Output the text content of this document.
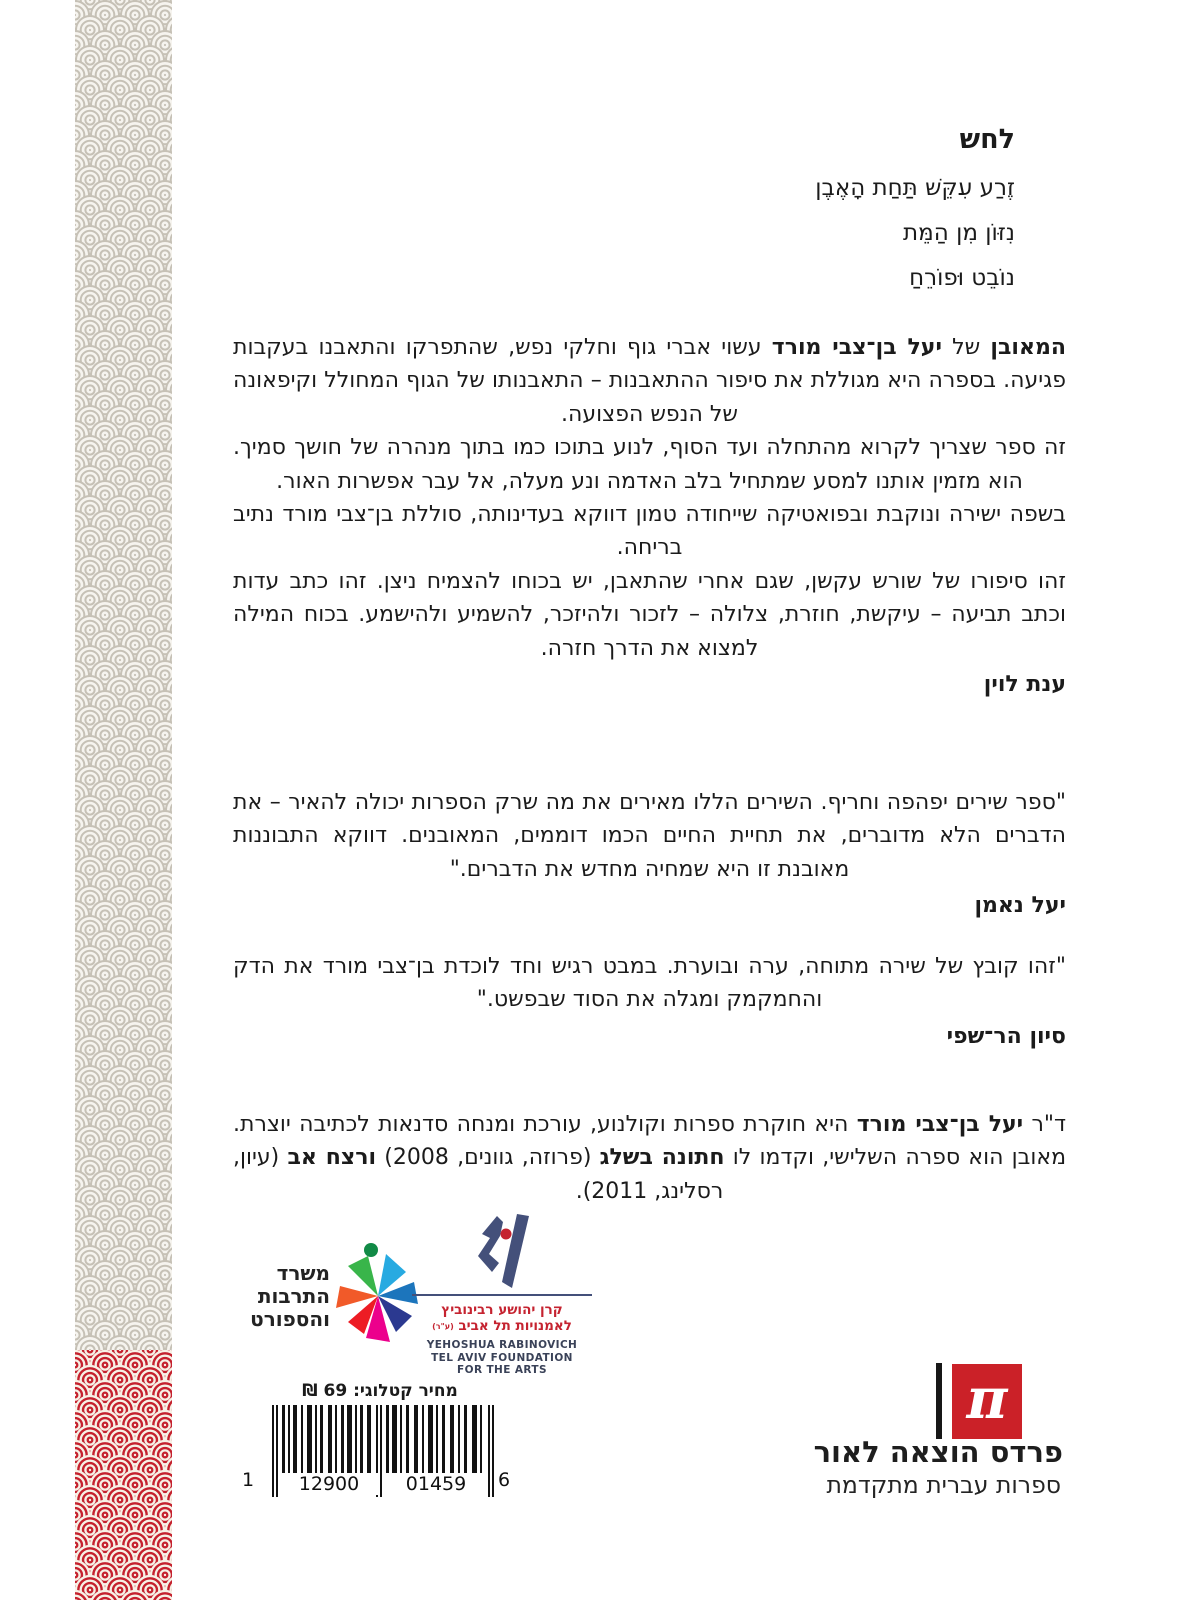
לחש
זֶרַע עִקֵּשׁ תַּחַת הָאֶבֶן
נִזּוֹן מִן הַמֵּת
נוֹבֵט וּפוֹרֵחַ

המאובן של יעל בן־צבי מורד עשוי אברי גוף וחלקי נפש, שהתפרקו והתאבנו בעקבות פגיעה. בספרה היא מגוללת את סיפור ההתאבנות – התאבנותו של הגוף המחולל וקיפאונה של הנפש הפצועה.

זה ספר שצריך לקרוא מהתחלה ועד הסוף, לנוע בתוכו כמו בתוך מנהרה של חושך סמיך. הוא מזמין אותנו למסע שמתחיל בלב האדמה ונע מעלה, אל עבר אפשרות האור.

בשפה ישירה ונוקבת ובפואטיקה שייחודה טמון דווקא בעדינותה, סוללת בן־צבי מורד נתיב בריחה.

זהו סיפורו של שורש עקשן, שגם אחרי שהתאבן, יש בכוחו להצמיח ניצן. זהו כתב עדות וכתב תביעה – עיקשת, חוזרת, צלולה – לזכור ולהיזכר, להשמיע ולהישמע. בכוח המילה למצוא את הדרך חזרה.

ענת לוין

"ספר שירים יפהפה וחריף. השירים הללו מאירים את מה שרק הספרות יכולה להאיר – את הדברים הלא מדוברים, את תחיית החיים הכמו דוממים, המאובנים. דווקא התבוננות מאובנת זו היא שמחיה מחדש את הדברים."

יעל נאמן

"זהו קובץ של שירה מתוחה, ערה ובוערת. במבט רגיש וחד לוכדת בן־צבי מורד את הדק והחמקמק ומגלה את הסוד שבפשט."

סיון הר־שפי

ד"ר יעל בן־צבי מורד היא חוקרת ספרות וקולנוע, עורכת ומנחה סדנאות לכתיבה יוצרת. מאובן הוא ספרה השלישי, וקדמו לו חתונה בשלג (פרוזה, גוונים, 2008) ורצח אב (עיון, רסלינג, 2011).

משרד
התרבות
והספורט	קרן יהושע רבינוביץ
לאמנויות תל אביב (ע"ר)
YEHOSHUA RABINOVICH
TEL AVIV FOUNDATION
FOR THE ARTS
מחיר קטלוגי: 69 ₪
1	12900	01459	6
π
פרדס הוצאה לאור
ספרות עברית מתקדמת
